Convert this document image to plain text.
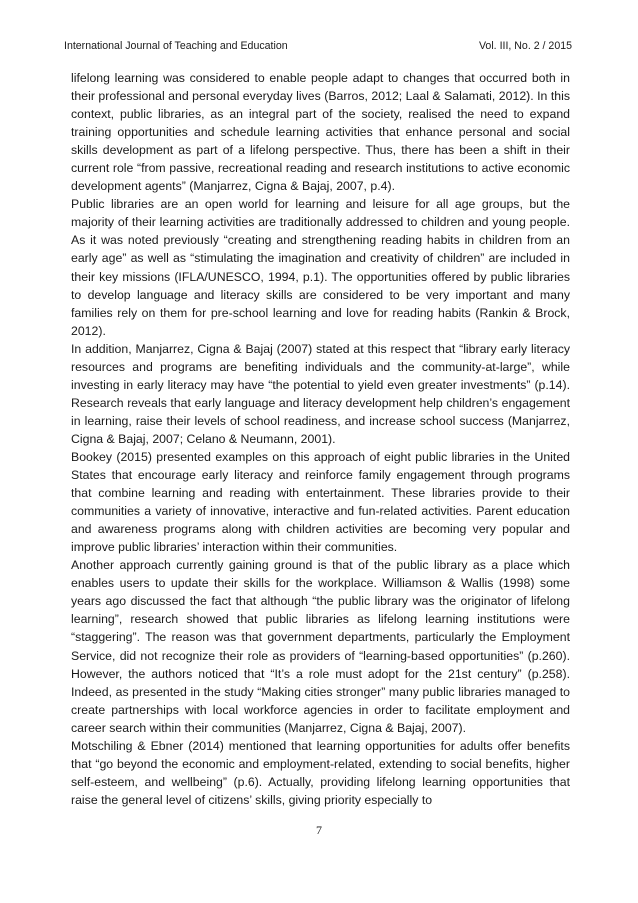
International Journal of Teaching and Education	Vol. III, No. 2 / 2015

lifelong learning was considered to enable people adapt to changes that occurred both in their professional and personal everyday lives (Barros, 2012; Laal & Salamati, 2012). In this context, public libraries, as an integral part of the society, realised the need to expand training opportunities and schedule learning activities that enhance personal and social skills development as part of a lifelong perspective. Thus, there has been a shift in their current role “from passive, recreational reading and research institutions to active economic development agents” (Manjarrez, Cigna & Bajaj, 2007, p.4).

Public libraries are an open world for learning and leisure for all age groups, but the majority of their learning activities are traditionally addressed to children and young people. As it was noted previously “creating and strengthening reading habits in children from an early age” as well as “stimulating the imagination and creativity of children” are included in their key missions (IFLA/UNESCO, 1994, p.1). The opportunities offered by public libraries to develop language and literacy skills are considered to be very important and many families rely on them for pre-school learning and love for reading habits (Rankin & Brock, 2012).

In addition, Manjarrez, Cigna & Bajaj (2007) stated at this respect that “library early literacy resources and programs are benefiting individuals and the community-at-large”, while investing in early literacy may have “the potential to yield even greater investments” (p.14). Research reveals that early language and literacy development help children’s engagement in learning, raise their levels of school readiness, and increase school success (Manjarrez, Cigna & Bajaj, 2007; Celano & Neumann, 2001).

Bookey (2015) presented examples on this approach of eight public libraries in the United States that encourage early literacy and reinforce family engagement through programs that combine learning and reading with entertainment. These libraries provide to their communities a variety of innovative, interactive and fun-related activities. Parent education and awareness programs along with children activities are becoming very popular and improve public libraries’ interaction within their communities.

Another approach currently gaining ground is that of the public library as a place which enables users to update their skills for the workplace. Williamson & Wallis (1998) some years ago discussed the fact that although “the public library was the originator of lifelong learning”, research showed that public libraries as lifelong learning institutions were “staggering”. The reason was that government departments, particularly the Employment Service, did not recognize their role as providers of “learning-based opportunities” (p.260). However, the authors noticed that “It’s a role must adopt for the 21st century” (p.258). Indeed, as presented in the study “Making cities stronger” many public libraries managed to create partnerships with local workforce agencies in order to facilitate employment and career search within their communities (Manjarrez, Cigna & Bajaj, 2007).

Motschiling & Ebner (2014) mentioned that learning opportunities for adults offer benefits that “go beyond the economic and employment-related, extending to social benefits, higher self-esteem, and wellbeing” (p.6). Actually, providing lifelong learning opportunities that raise the general level of citizens’ skills, giving priority especially to

7
